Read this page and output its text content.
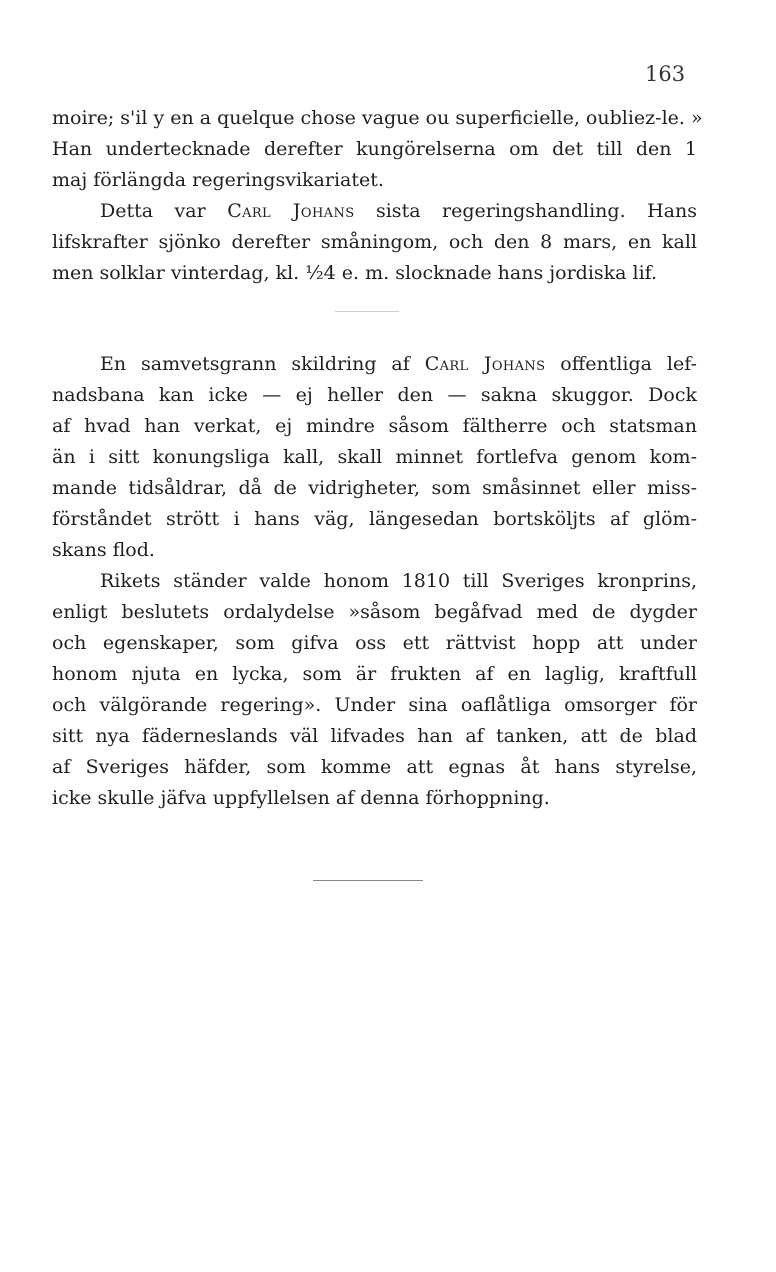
163
moire; s'il y en a quelque chose vague ou superficielle, oubliez-le. »
Han undertecknade derefter kungörelserna om det till den 1
maj förlängda regeringsvikariatet.
Detta var Carl Johans sista regeringshandling. Hans
lifskrafter sjönko derefter småningom, och den 8 mars, en kall
men solklar vinterdag, kl. ½4 e. m. slocknade hans jordiska lif.
En samvetsgrann skildring af Carl Johans offentliga lef-
nadsbana kan icke — ej heller den — sakna skuggor. Dock
af hvad han verkat, ej mindre såsom fältherre och statsman
än i sitt konungsliga kall, skall minnet fortlefva genom kom-
mande tidsåldrar, då de vidrigheter, som småsinnet eller miss-
förståndet strött i hans väg, längesedan bortsköljts af glöm-
skans flod.
Rikets ständer valde honom 1810 till Sveriges kronprins,
enligt beslutets ordalydelse »såsom begåfvad med de dygder
och egenskaper, som gifva oss ett rättvist hopp att under
honom njuta en lycka, som är frukten af en laglig, kraftfull
och välgörande regering». Under sina oaflåtliga omsorger för
sitt nya fäderneslands väl lifvades han af tanken, att de blad
af Sveriges häfder, som komme att egnas åt hans styrelse,
icke skulle jäfva uppfyllelsen af denna förhoppning.
